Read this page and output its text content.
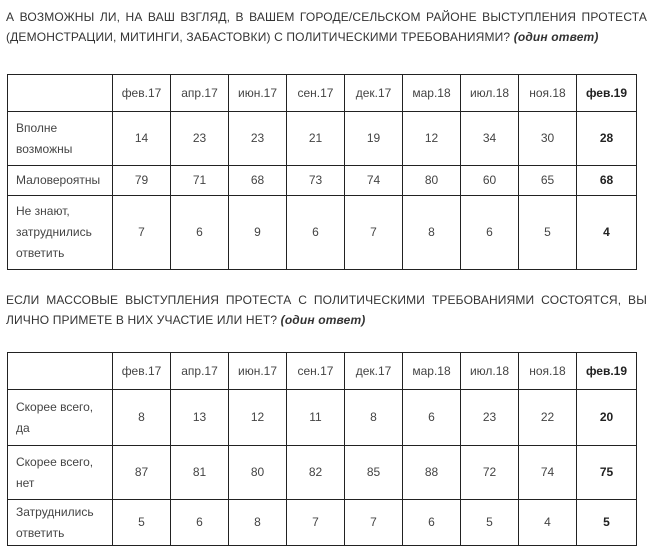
А ВОЗМОЖНЫ ЛИ, НА ВАШ ВЗГЛЯД, В ВАШЕМ ГОРОДЕ/СЕЛЬСКОМ РАЙОНЕ ВЫСТУПЛЕНИЯ ПРОТЕСТА (ДЕМОНСТРАЦИИ, МИТИНГИ, ЗАБАСТОВКИ) С ПОЛИТИЧЕСКИМИ ТРЕБОВАНИЯМИ? (один ответ)
	фев.17	апр.17	июн.17	сен.17	дек.17	мар.18	июл.18	ноя.18	фев.19

Вполне
возможны	14	23	23	21	19	12	34	30	28

Маловероятны	79	71	68	73	74	80	60	65	68

Не знают,
затруднились
ответить	7	6	9	6	7	8	6	5	4
ЕСЛИ МАССОВЫЕ ВЫСТУПЛЕНИЯ ПРОТЕСТА С ПОЛИТИЧЕСКИМИ ТРЕБОВАНИЯМИ СОСТОЯТСЯ, ВЫ ЛИЧНО ПРИМЕТЕ В НИХ УЧАСТИЕ ИЛИ НЕТ? (один ответ)
	фев.17	апр.17	июн.17	сен.17	дек.17	мар.18	июл.18	ноя.18	фев.19

Скорее всего,
да	8	13	12	11	8	6	23	22	20

Скорее всего,
нет	87	81	80	82	85	88	72	74	75

Затруднились
ответить	5	6	8	7	7	6	5	4	5
